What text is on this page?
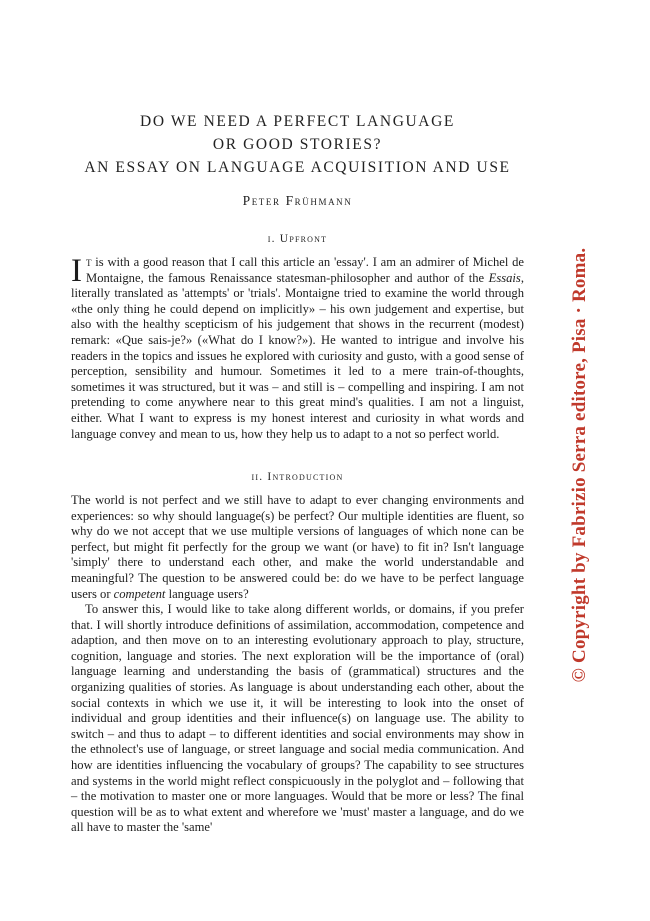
DO WE NEED A PERFECT LANGUAGE
OR GOOD STORIES?
AN ESSAY ON LANGUAGE ACQUISITION AND USE
Peter Frühmann
i. Upfront

It is with a good reason that I call this article an 'essay'. I am an admirer of Michel de Montaigne, the famous Renaissance statesman-philosopher and author of the Essais, literally translated as 'attempts' or 'trials'. Montaigne tried to examine the world through «the only thing he could depend on implicitly» – his own judgement and expertise, but also with the healthy scepticism of his judgement that shows in the recurrent (modest) remark: «Que sais-je?» («What do I know?»). He wanted to intrigue and involve his readers in the topics and issues he explored with curiosity and gusto, with a good sense of perception, sensibility and humour. Sometimes it led to a mere train-of-thoughts, sometimes it was structured, but it was – and still is – compelling and inspiring. I am not pretending to come anywhere near to this great mind's qualities. I am not a linguist, either. What I want to express is my honest interest and curiosity in what words and language convey and mean to us, how they help us to adapt to a not so perfect world.

ii. Introduction

The world is not perfect and we still have to adapt to ever changing environments and experiences: so why should language(s) be perfect? Our multiple identities are fluent, so why do we not accept that we use multiple versions of languages of which none can be perfect, but might fit perfectly for the group we want (or have) to fit in? Isn't language 'simply' there to understand each other, and make the world understandable and meaningful? The question to be answered could be: do we have to be perfect language users or competent language users?

To answer this, I would like to take along different worlds, or domains, if you prefer that. I will shortly introduce definitions of assimilation, accommodation, competence and adaption, and then move on to an interesting evolutionary approach to play, structure, cognition, language and stories. The next exploration will be the importance of (oral) language learning and understanding the basis of (grammatical) structures and the organizing qualities of stories. As language is about understanding each other, about the social contexts in which we use it, it will be interesting to look into the onset of individual and group identities and their influence(s) on language use. The ability to switch – and thus to adapt – to different identities and social environments may show in the ethnolect's use of language, or street language and social media communication. And how are identities influencing the vocabulary of groups? The capability to see structures and systems in the world might reflect conspicuously in the polyglot and – following that – the motivation to master one or more languages. Would that be more or less? The final question will be as to what extent and wherefore we 'must' master a language, and do we all have to master the 'same'

© Copyright by Fabrizio Serra editore, Pisa · Roma.
